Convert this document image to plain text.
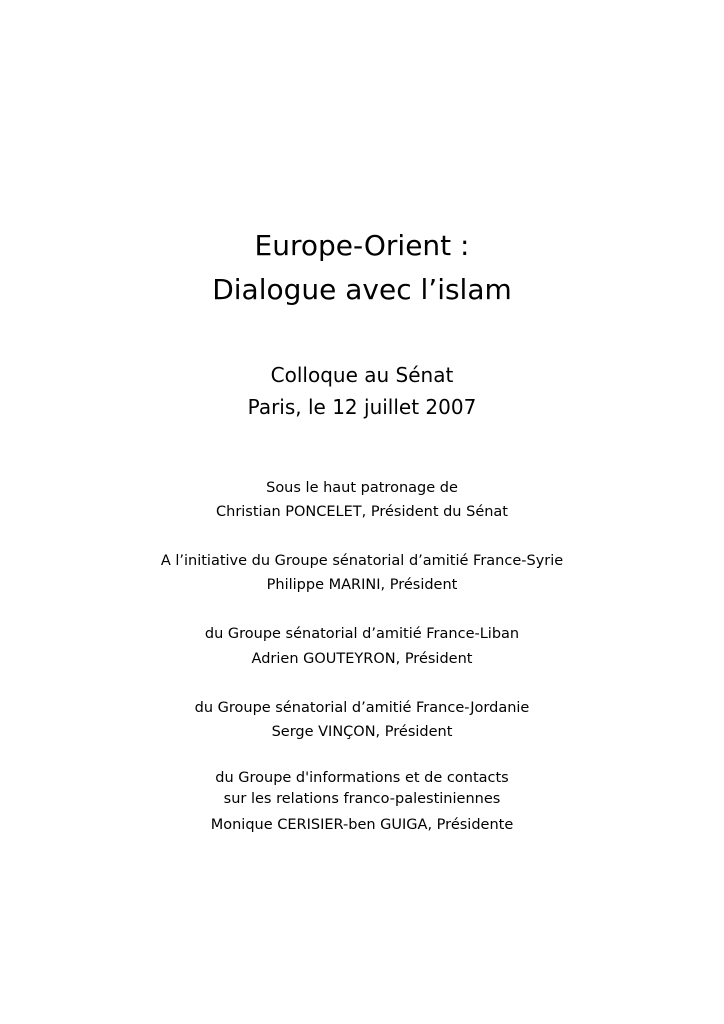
Europe-Orient :
Dialogue avec l’islam
Colloque au Sénat
Paris, le 12 juillet 2007
Sous le haut patronage de
Christian PONCELET, Président du Sénat
A l’initiative du Groupe sénatorial d’amitié France-Syrie
Philippe MARINI, Président
du Groupe sénatorial d’amitié France-Liban
Adrien GOUTEYRON, Président
du Groupe sénatorial d’amitié France-Jordanie
Serge VINÇON, Président
du Groupe d'informations et de contacts
sur les relations franco-palestiniennes
Monique CERISIER-ben GUIGA, Présidente
